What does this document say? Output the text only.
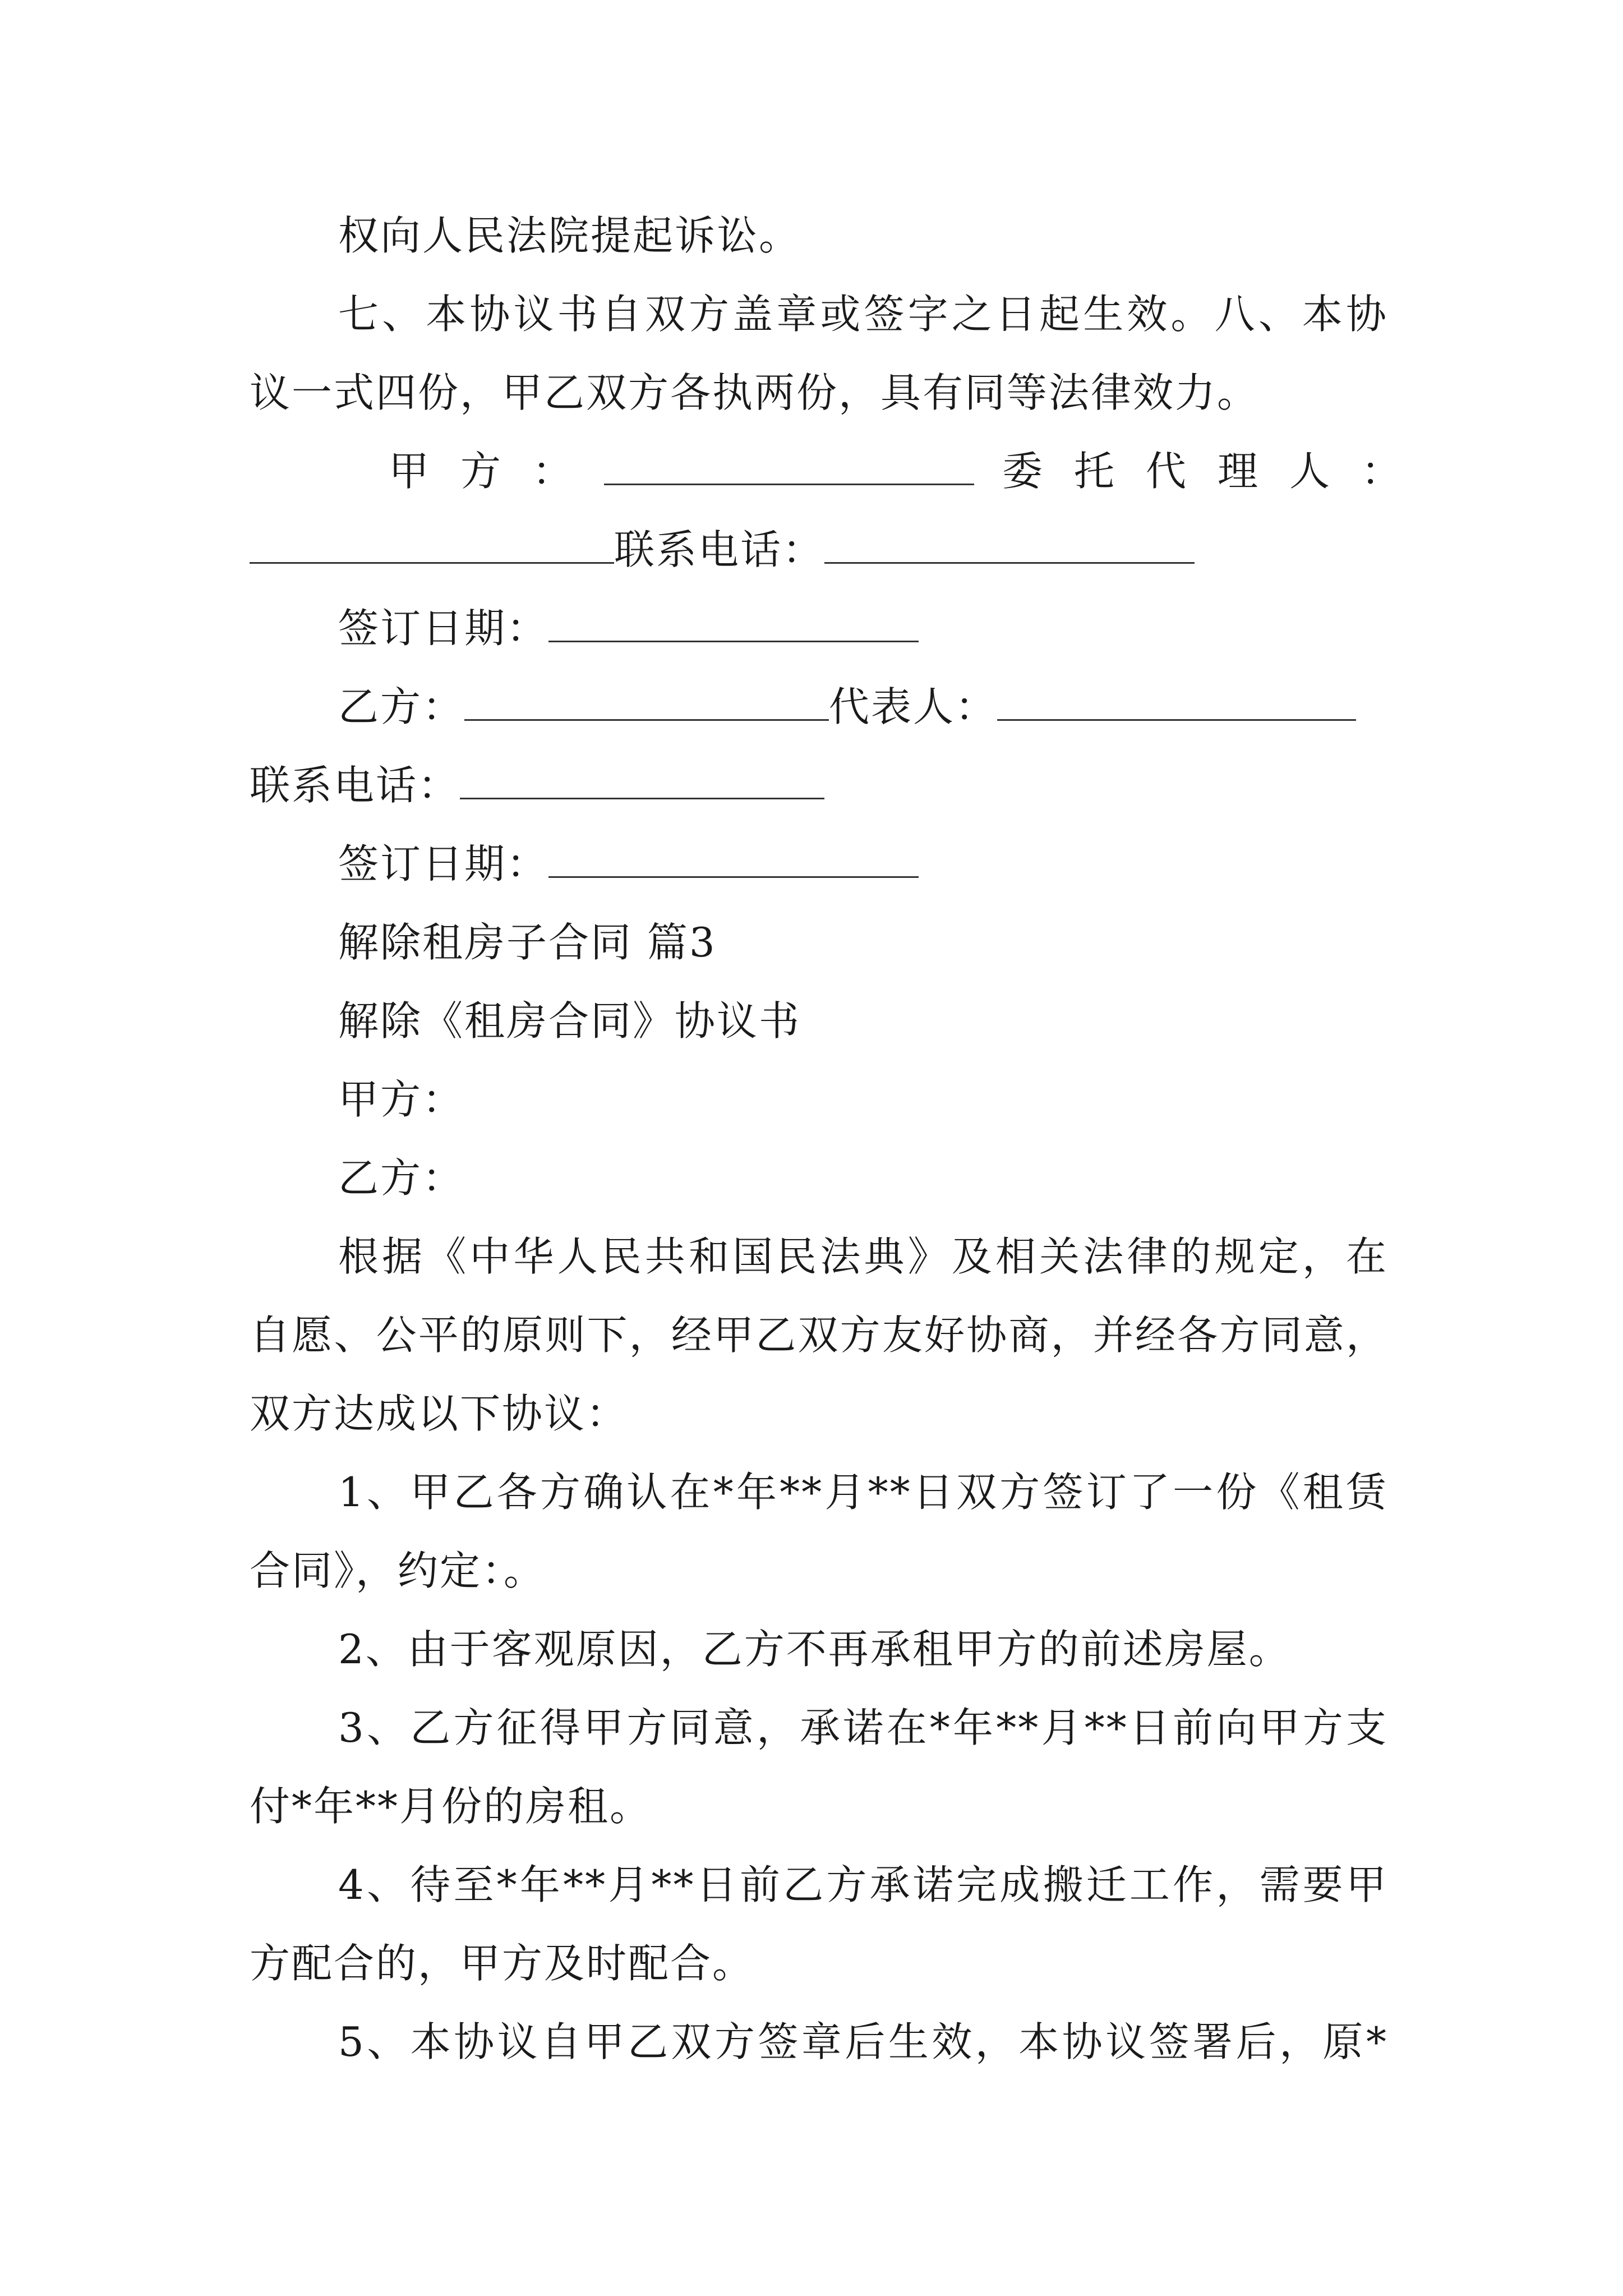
权向人民法院提起诉讼。
七、本协议书自双方盖章或签字之日起生效。八、本协
议一式四份，甲乙双方各执两份，具有同等法律效力。
甲方：	委托代理人：
联系电话：
签订日期：
乙方：	代表人：
联系电话：
签订日期：
解除租房子合同 篇3
解除《租房合同》协议书
甲方：
乙方：
根据《中华人民共和国民法典》及相关法律的规定，在
自愿、公平的原则下，经甲乙双方友好协商，并经各方同意，
双方达成以下协议：
1、甲乙各方确认在*年**月**日双方签订了一份《租赁
合同》，约定：。
2、由于客观原因，乙方不再承租甲方的前述房屋。
3、乙方征得甲方同意，承诺在*年**月**日前向甲方支
付*年**月份的房租。
4、待至*年**月**日前乙方承诺完成搬迁工作，需要甲
方配合的，甲方及时配合。
5、本协议自甲乙双方签章后生效，本协议签署后，原*
